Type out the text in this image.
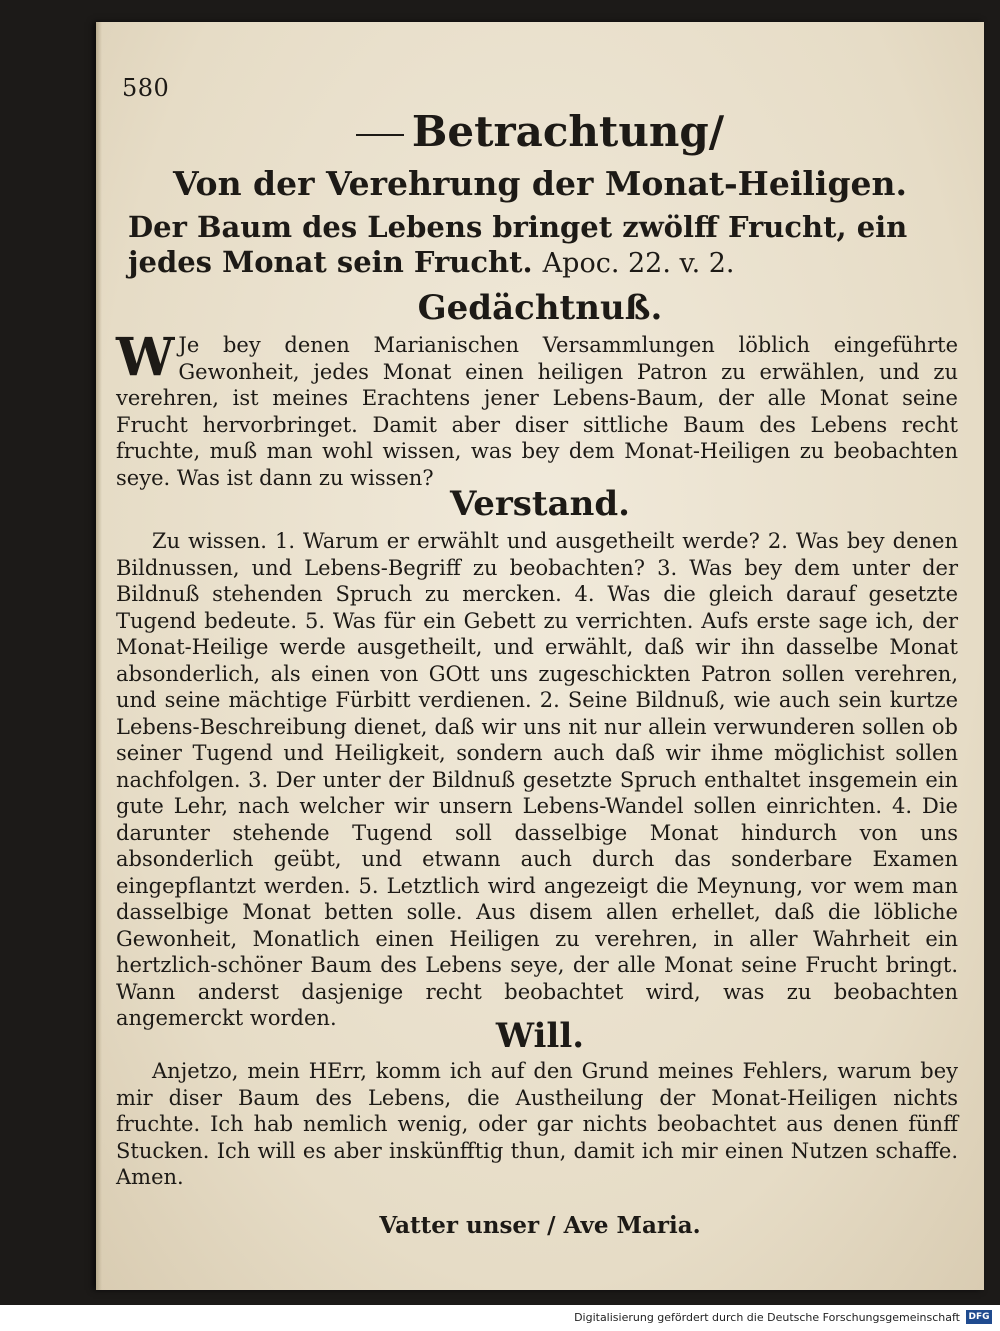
580
Betrachtung/
Von der Verehrung der Monat-Heiligen.
Der Baum des Lebens bringet zwölff Frucht, ein jedes Monat sein Frucht. Apoc. 22. v. 2.
Gedächtnuß.
W Je bey denen Marianischen Versammlungen löblich eingeführte Gewonheit, jedes Monat einen heiligen Patron zu erwählen, und zu verehren, ist meines Erachtens jener Lebens-Baum, der alle Monat seine Frucht hervorbringet. Damit aber diser sittliche Baum des Lebens recht fruchte, muß man wohl wissen, was bey dem Monat-Heiligen zu beobachten seye. Was ist dann zu wissen?
Verstand.
Zu wissen. 1. Warum er erwählt und ausgetheilt werde? 2. Was bey denen Bildnussen, und Lebens-Begriff zu beobachten? 3. Was bey dem unter der Bildnuß stehenden Spruch zu mercken. 4. Was die gleich darauf gesetzte Tugend bedeute. 5. Was für ein Gebett zu verrichten. Aufs erste sage ich, der Monat-Heilige werde ausgetheilt, und erwählt, daß wir ihn dasselbe Monat absonderlich, als einen von GOtt uns zugeschickten Patron sollen verehren, und seine mächtige Fürbitt verdienen. 2. Seine Bildnuß, wie auch sein kurtze Lebens-Beschreibung dienet, daß wir uns nit nur allein verwunderen sollen ob seiner Tugend und Heiligkeit, sondern auch daß wir ihme möglichist sollen nachfolgen. 3. Der unter der Bildnuß gesetzte Spruch enthaltet insgemein ein gute Lehr, nach welcher wir unsern Lebens-Wandel sollen einrichten. 4. Die darunter stehende Tugend soll dasselbige Monat hindurch von uns absonderlich geübt, und etwann auch durch das sonderbare Examen eingepflantzt werden. 5. Letztlich wird angezeigt die Meynung, vor wem man dasselbige Monat betten solle. Aus disem allen erhellet, daß die löbliche Gewonheit, Monatlich einen Heiligen zu verehren, in aller Wahrheit ein hertzlich-schöner Baum des Lebens seye, der alle Monat seine Frucht bringt. Wann anderst dasjenige recht beobachtet wird, was zu beobachten angemerckt worden.	Will.
Anjetzo, mein HErr, komm ich auf den Grund meines Fehlers, warum bey mir diser Baum des Lebens, die Austheilung der Monat-Heiligen nichts fruchte. Ich hab nemlich wenig, oder gar nichts beobachtet aus denen fünff Stucken. Ich will es aber inskünfftig thun, damit ich mir einen Nutzen schaffe. Amen.
Vatter unser / Ave Maria.
Digitalisierung gefördert durch die Deutsche Forschungsgemeinschaft DFG
